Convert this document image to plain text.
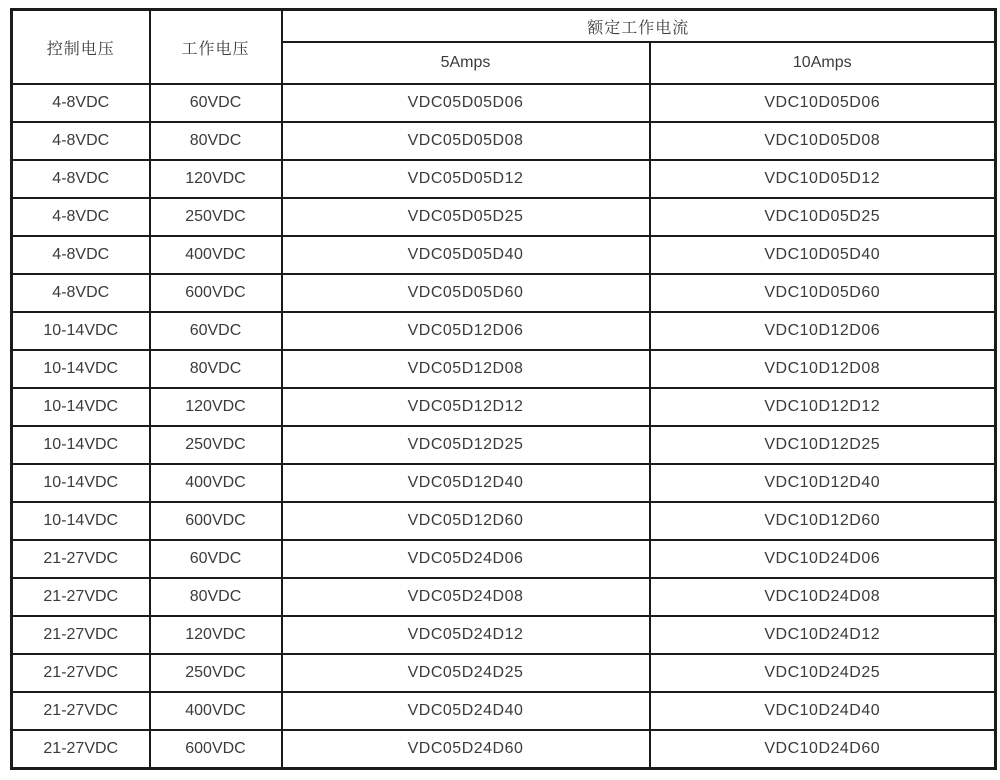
控制电压	工作电压	额定工作电流	
		5Amps	10Amps
4-8VDC	60VDC	VDC05D05D06	VDC10D05D06
4-8VDC	80VDC	VDC05D05D08	VDC10D05D08
4-8VDC	120VDC	VDC05D05D12	VDC10D05D12
4-8VDC	250VDC	VDC05D05D25	VDC10D05D25
4-8VDC	400VDC	VDC05D05D40	VDC10D05D40
4-8VDC	600VDC	VDC05D05D60	VDC10D05D60
10-14VDC	60VDC	VDC05D12D06	VDC10D12D06
10-14VDC	80VDC	VDC05D12D08	VDC10D12D08
10-14VDC	120VDC	VDC05D12D12	VDC10D12D12
10-14VDC	250VDC	VDC05D12D25	VDC10D12D25
10-14VDC	400VDC	VDC05D12D40	VDC10D12D40
10-14VDC	600VDC	VDC05D12D60	VDC10D12D60
21-27VDC	60VDC	VDC05D24D06	VDC10D24D06
21-27VDC	80VDC	VDC05D24D08	VDC10D24D08
21-27VDC	120VDC	VDC05D24D12	VDC10D24D12
21-27VDC	250VDC	VDC05D24D25	VDC10D24D25
21-27VDC	400VDC	VDC05D24D40	VDC10D24D40
21-27VDC	600VDC	VDC05D24D60	VDC10D24D60
